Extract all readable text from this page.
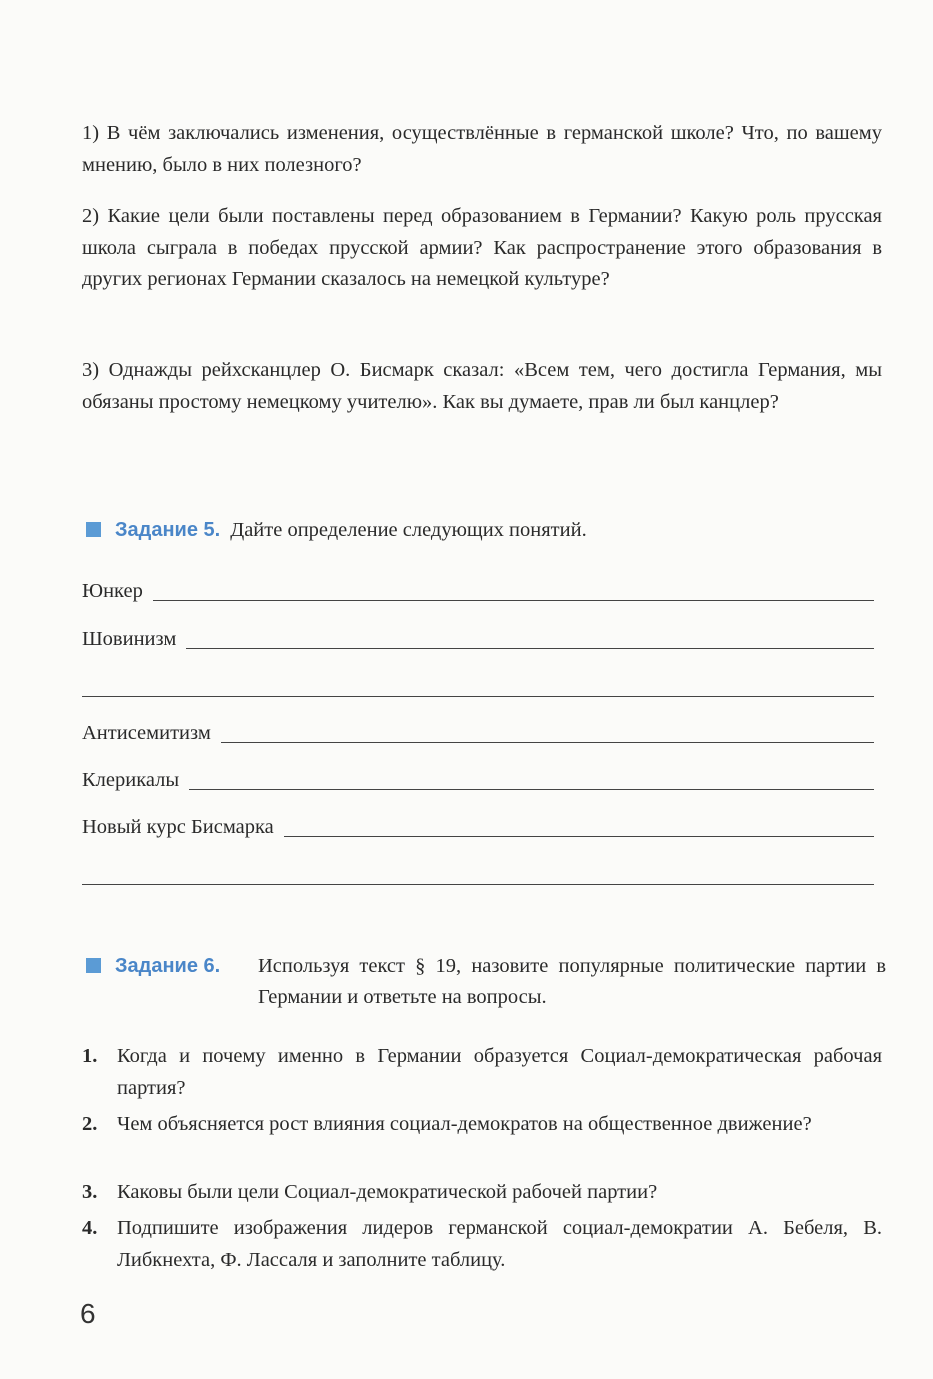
1) В чём заключались изменения, осуществлённые в германской школе? Что, по вашему мнению, было в них полезного?

2) Какие цели были поставлены перед образованием в Германии? Какую роль прусская школа сыграла в победах прусской армии? Как распространение этого образования в других регионах Германии сказалось на немецкой культуре?

3) Однажды рейхсканцлер О. Бисмарк сказал: «Всем тем, чего достигла Германия, мы обязаны простому немецкому учителю». Как вы думаете, прав ли был канцлер?

Задание 5. Дайте определение следующих понятий.
Юнкер
Шовинизм
Антисемитизм
Клерикалы
Новый курс Бисмарка
Задание 6.	Используя текст § 19, назовите популярные политические партии в Германии и ответьте на вопросы.
1. Когда и почему именно в Германии образуется Социал-демократическая рабочая партия?
2. Чем объясняется рост влияния социал-демократов на общественное движение?
3. Каковы были цели Социал-демократической рабочей партии?
4. Подпишите изображения лидеров германской социал-демократии А. Бебеля, В. Либкнехта, Ф. Лассаля и заполните таблицу.
6
